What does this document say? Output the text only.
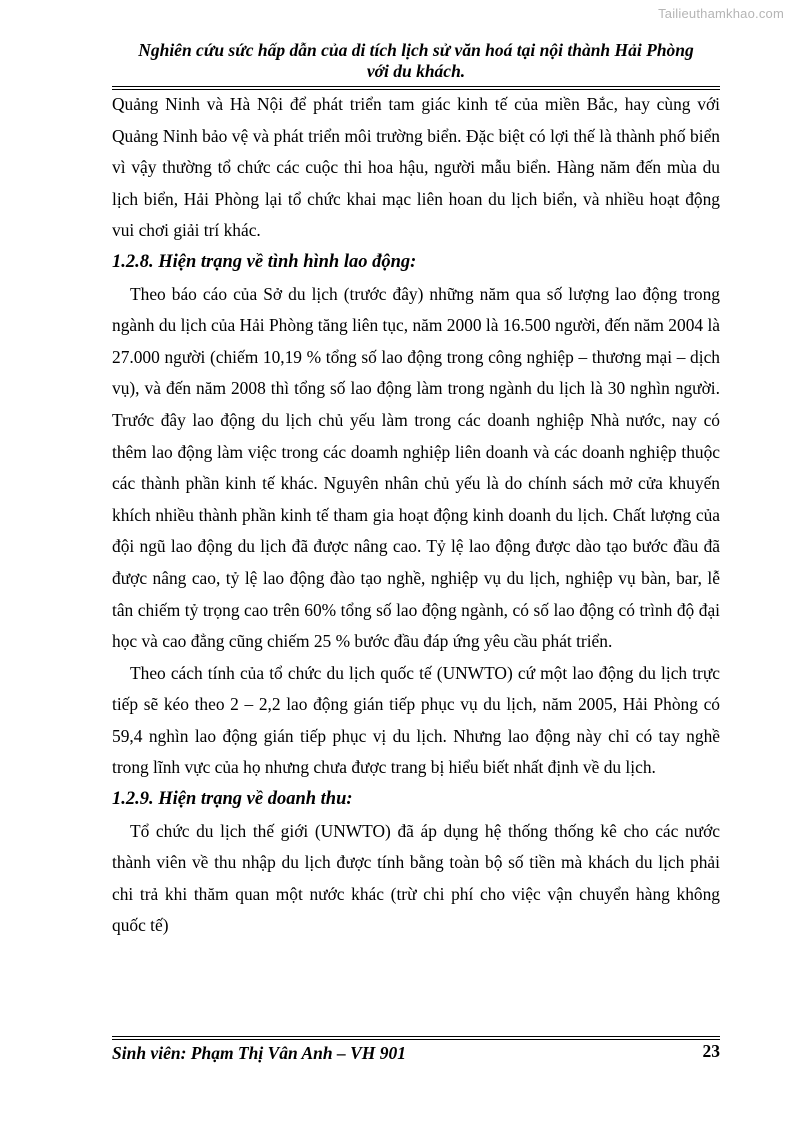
Tailieuthamkhao.com
Nghiên cứu sức hấp dẫn của di tích lịch sử văn hoá tại nội thành Hải Phòng
với du khách.

Quảng Ninh và Hà Nội để phát triển tam giác kinh tế của miền Bắc, hay cùng với Quảng Ninh bảo vệ và phát triển môi trường biển. Đặc biệt có lợi thế là thành phố biển vì vậy thường tổ chức các cuộc thi hoa hậu, người mẫu biển. Hàng năm đến mùa du lịch biển, Hải Phòng lại tổ chức khai mạc liên hoan du lịch biển, và nhiều hoạt động vui chơi giải trí khác.

1.2.8. Hiện trạng về tình hình lao động:

Theo báo cáo của Sở du lịch (trước đây) những năm qua số lượng lao động trong ngành du lịch của Hải Phòng tăng liên tục, năm 2000 là 16.500 người, đến năm 2004 là 27.000 người (chiếm 10,19 % tổng số lao động trong công nghiệp – thương mại – dịch vụ), và đến năm 2008 thì tổng số lao động làm trong ngành du lịch là 30 nghìn người. Trước đây lao động du lịch chủ yếu làm trong các doanh nghiệp Nhà nước, nay có thêm lao động làm việc trong các doamh nghiệp liên doanh và các doanh nghiệp thuộc các thành phần kinh tế khác. Nguyên nhân chủ yếu là do chính sách mở cửa khuyến khích nhiều thành phần kinh tế tham gia hoạt động kinh doanh du lịch. Chất lượng của đội ngũ lao động du lịch đã được nâng cao. Tỷ lệ lao động được dào tạo bước đầu đã được nâng cao, tỷ lệ lao động đào tạo nghề, nghiệp vụ du lịch, nghiệp vụ bàn, bar, lễ tân chiếm tỷ trọng cao trên 60% tổng số lao động ngành, có số lao động có trình độ đại học và cao đẳng cũng chiếm 25 % bước đầu đáp ứng yêu cầu phát triển.

Theo cách tính của tổ chức du lịch quốc tế (UNWTO) cứ một lao động du lịch trực tiếp sẽ kéo theo 2 – 2,2 lao động gián tiếp phục vụ du lịch, năm 2005, Hải Phòng có 59,4 nghìn lao động gián tiếp phục vị du lịch. Nhưng lao động này chỉ có tay nghề trong lĩnh vực của họ nhưng chưa được trang bị hiểu biết nhất định về du lịch.

1.2.9. Hiện trạng về doanh thu:

Tổ chức du lịch thế giới (UNWTO) đã áp dụng hệ thống thống kê cho các nước thành viên về thu nhập du lịch được tính bằng toàn bộ số tiền mà khách du lịch phải chi trả khi thăm quan một nước khác (trừ chi phí cho việc vận chuyển hàng không quốc tế)

Sinh viên: Phạm Thị Vân Anh – VH 901	23
